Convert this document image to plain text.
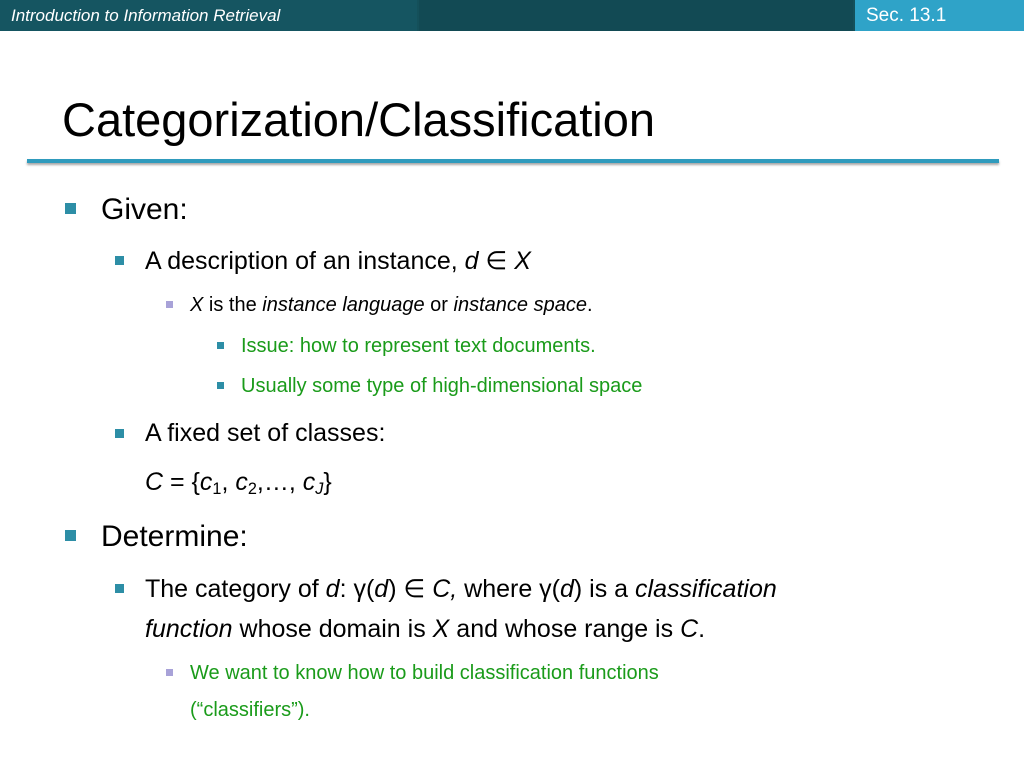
Introduction to Information Retrieval	Sec. 13.1
Categorization/Classification
Given:
A description of an instance, d ∈ X
X is the instance language or instance space.
Issue: how to represent text documents.
Usually some type of high-dimensional space
A fixed set of classes:
$C = \{c_1$, $c_2,\dots$, $c_J$}
Determine:
The category of d: γ(d) ∈ C, where γ(d) is a classification
function whose domain is X and whose range is C.
We want to know how to build classification functions
(“classifiers”).
